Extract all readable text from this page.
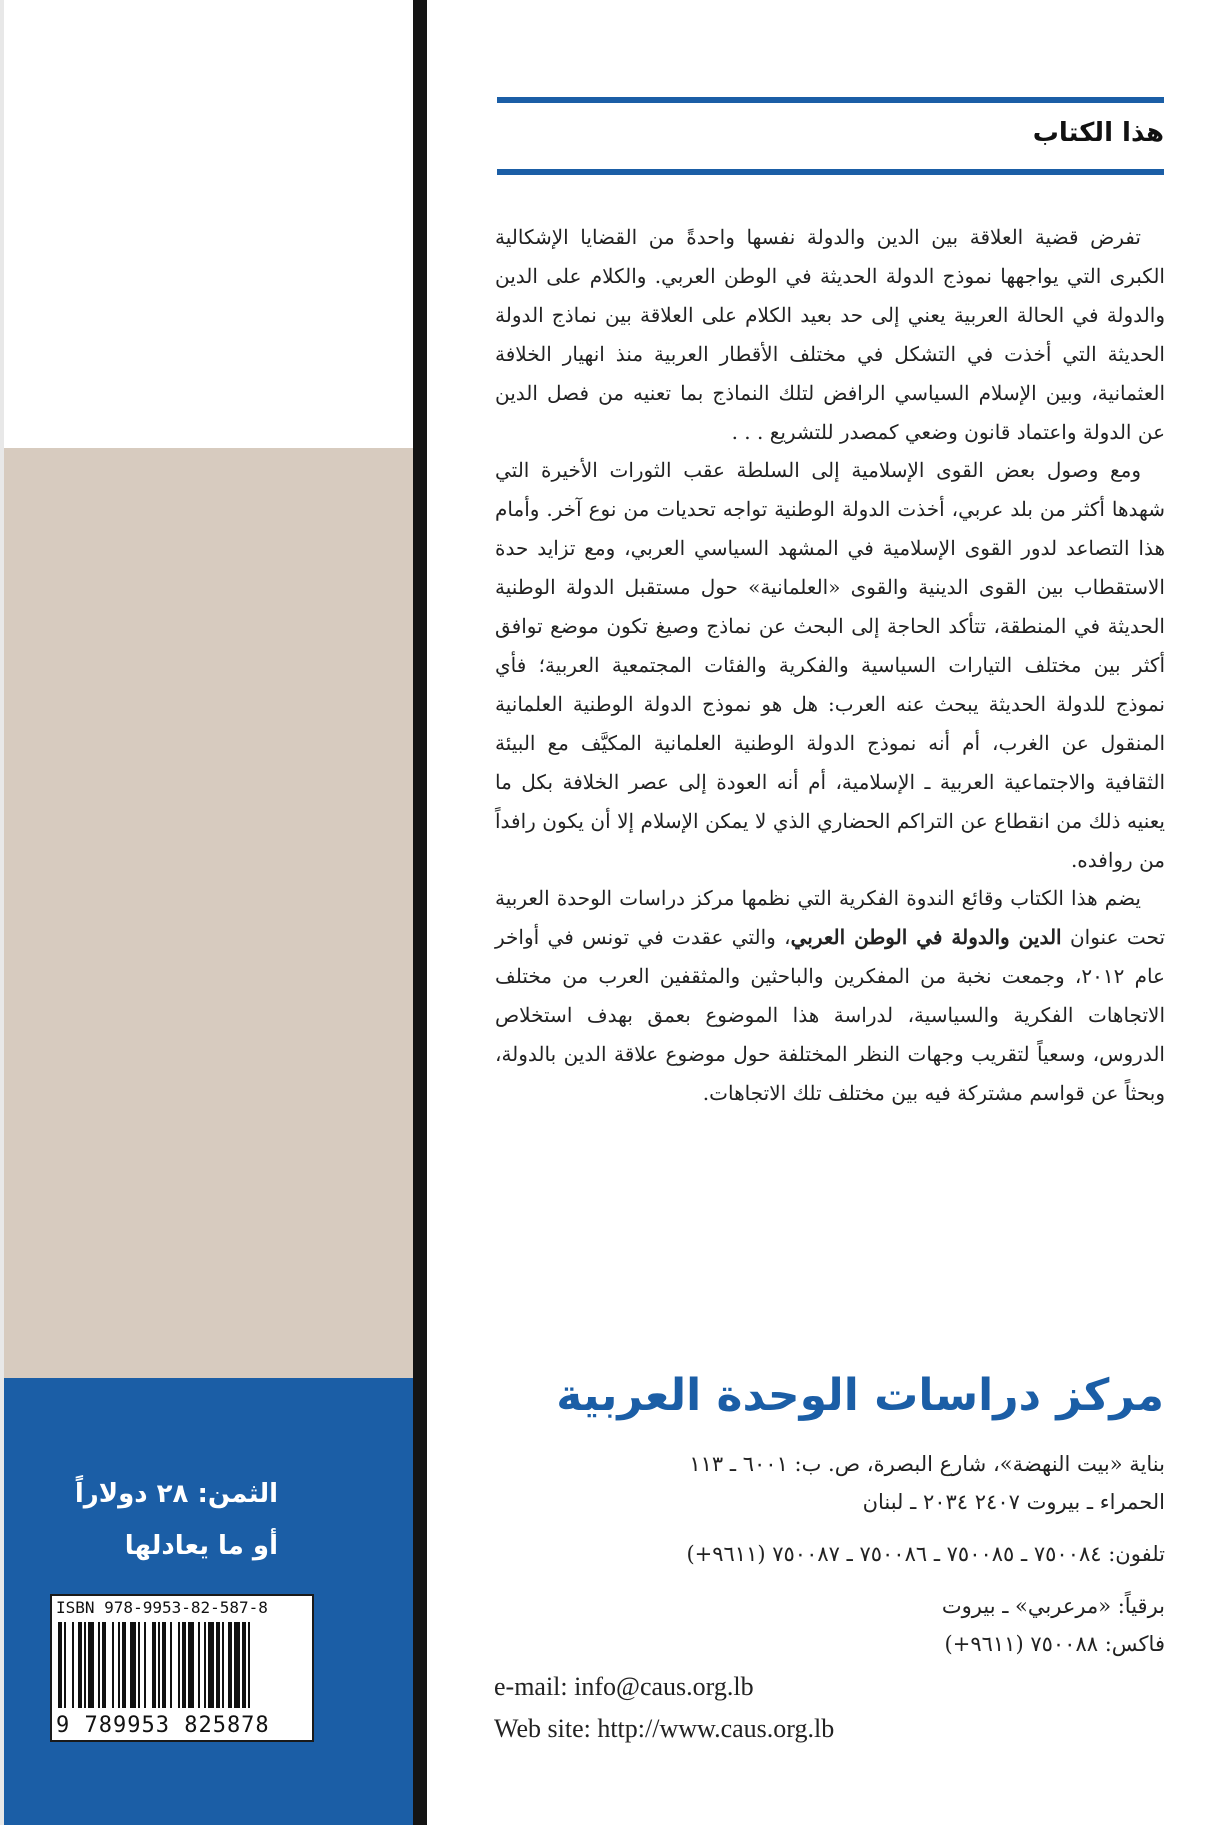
الثمن: ٢٨ دولاراً
أو ما يعادلها
ISBN 978-9953-82-587-8
9 789953 825878
هذا الكتاب

تفرض قضية العلاقة بين الدين والدولة نفسها واحدةً من القضايا الإشكالية الكبرى التي يواجهها نموذج الدولة الحديثة في الوطن العربي. والكلام على الدين والدولة في الحالة العربية يعني إلى حد بعيد الكلام على العلاقة بين نماذج الدولة الحديثة التي أخذت في التشكل في مختلف الأقطار العربية منذ انهيار الخلافة العثمانية، وبين الإسلام السياسي الرافض لتلك النماذج بما تعنيه من فصل الدين عن الدولة واعتماد قانون وضعي كمصدر للتشريع . . .

ومع وصول بعض القوى الإسلامية إلى السلطة عقب الثورات الأخيرة التي شهدها أكثر من بلد عربي، أخذت الدولة الوطنية تواجه تحديات من نوع آخر. وأمام هذا التصاعد لدور القوى الإسلامية في المشهد السياسي العربي، ومع تزايد حدة الاستقطاب بين القوى الدينية والقوى «العلمانية» حول مستقبل الدولة الوطنية الحديثة في المنطقة، تتأكد الحاجة إلى البحث عن نماذج وصيغ تكون موضع توافق أكثر بين مختلف التيارات السياسية والفكرية والفئات المجتمعية العربية؛ فأي نموذج للدولة الحديثة يبحث عنه العرب: هل هو نموذج الدولة الوطنية العلمانية المنقول عن الغرب، أم أنه نموذج الدولة الوطنية العلمانية المكيَّف مع البيئة الثقافية والاجتماعية العربية ـ الإسلامية، أم أنه العودة إلى عصر الخلافة بكل ما يعنيه ذلك من انقطاع عن التراكم الحضاري الذي لا يمكن الإسلام إلا أن يكون رافداً من روافده.

يضم هذا الكتاب وقائع الندوة الفكرية التي نظمها مركز دراسات الوحدة العربية تحت عنوان الدين والدولة في الوطن العربي، والتي عقدت في تونس في أواخر عام ٢٠١٢، وجمعت نخبة من المفكرين والباحثين والمثقفين العرب من مختلف الاتجاهات الفكرية والسياسية، لدراسة هذا الموضوع بعمق بهدف استخلاص الدروس، وسعياً لتقريب وجهات النظر المختلفة حول موضوع علاقة الدين بالدولة، وبحثاً عن قواسم مشتركة فيه بين مختلف تلك الاتجاهات.

مركز دراسات الوحدة العربية
بناية «بيت النهضة»، شارع البصرة، ص. ب: ٦٠٠١ ـ ١١٣
الحمراء ـ بيروت ٢٤٠٧ ٢٠٣٤ ـ لبنان
تلفون: ٧٥٠٠٨٤ ـ ٧٥٠٠٨٥ ـ ٧٥٠٠٨٦ ـ ٧٥٠٠٨٧ (٩٦١١+)
برقياً: «مرعربي» ـ بيروت
فاكس: ٧٥٠٠٨٨ (٩٦١١+)
e-mail: info@caus.org.lb
Web site: http://www.caus.org.lb
